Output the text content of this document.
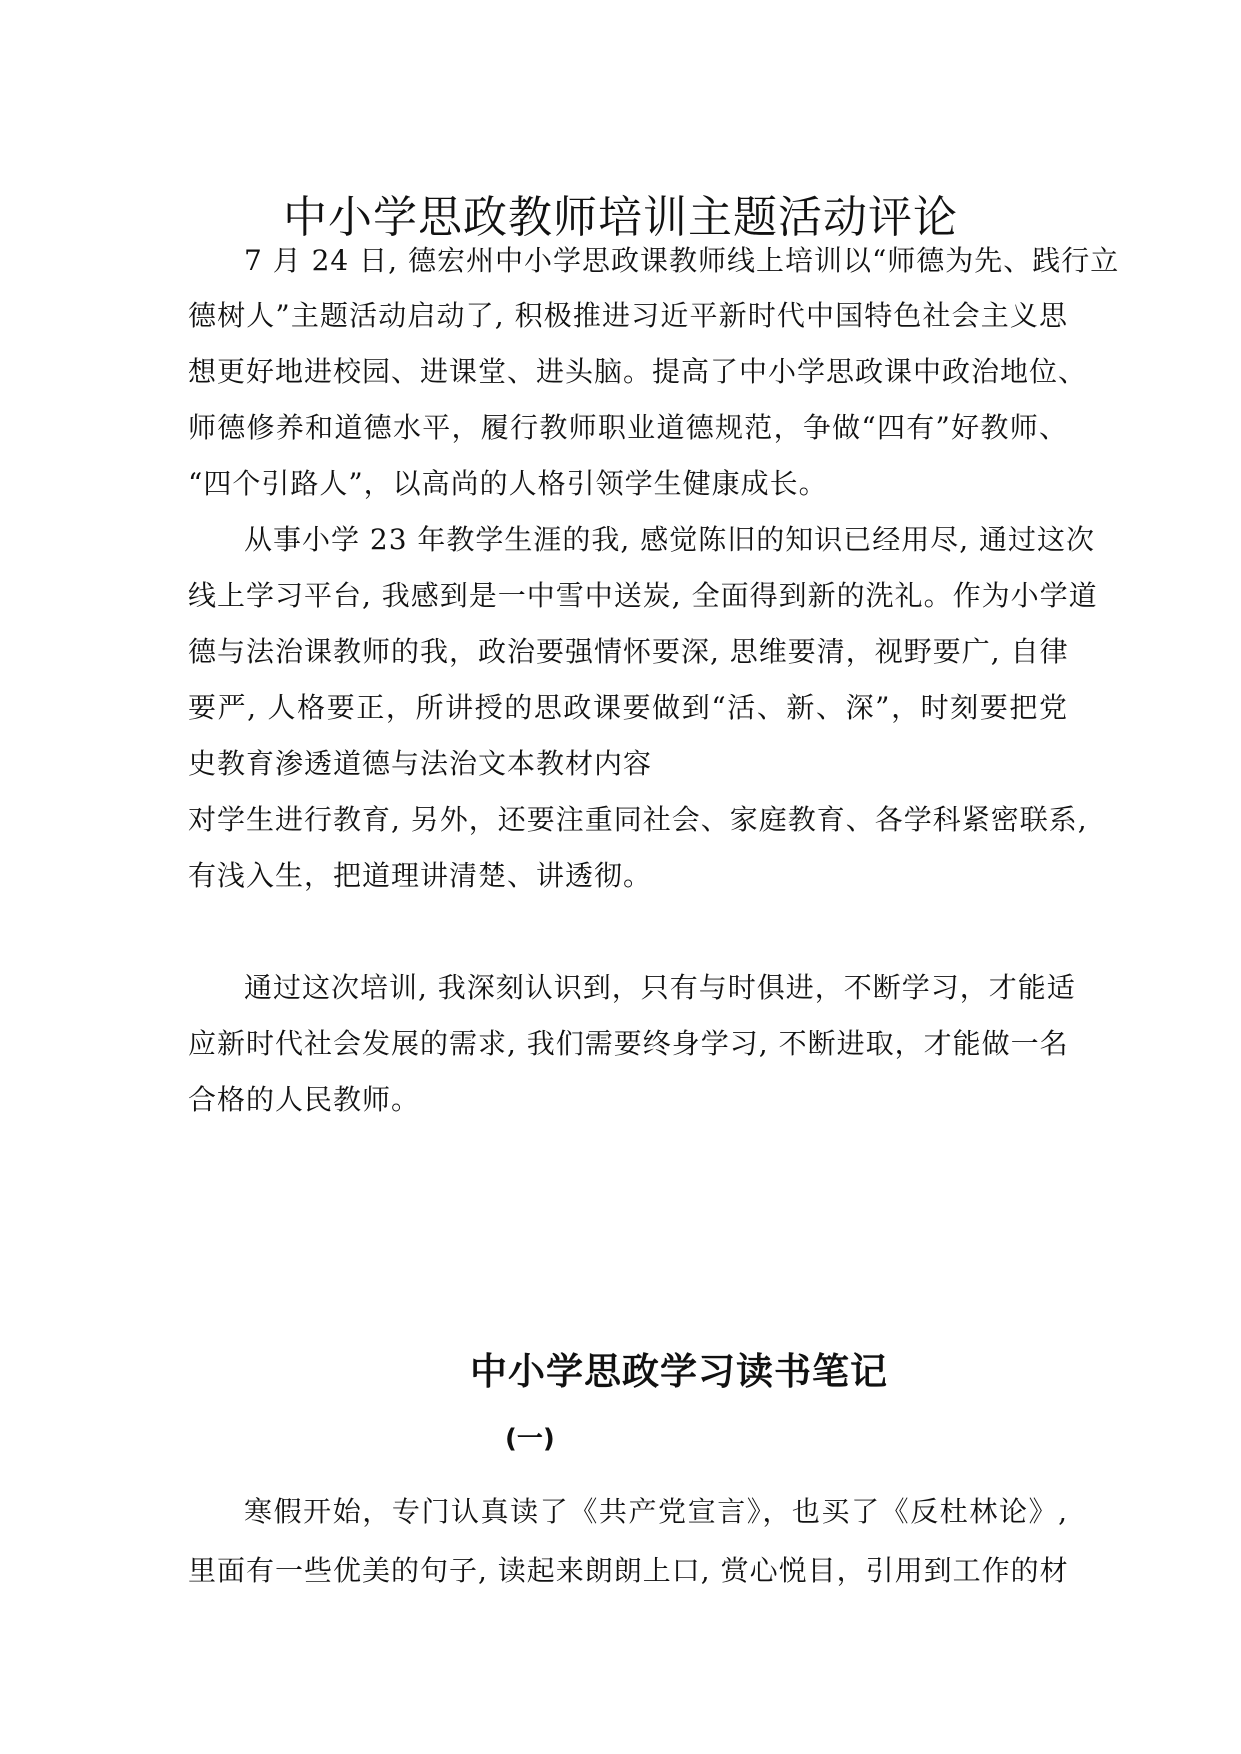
中小学思政教师培训主题活动评论
7 月 24 日, 德宏州中小学思政课教师线上培训以“师德为先、践行立
德树人”主题活动启动了, 积极推进习近平新时代中国特色社会主义思
想更好地进校园、进课堂、进头脑。提高了中小学思政课中政治地位、
师德修养和道德水平，履行教师职业道德规范，争做“四有”好教师、
“四个引路人”，以高尚的人格引领学生健康成长。
从事小学 23 年教学生涯的我, 感觉陈旧的知识已经用尽, 通过这次
线上学习平台, 我感到是一中雪中送炭, 全面得到新的洗礼。作为小学道
德与法治课教师的我，政治要强情怀要深, 思维要清，视野要广, 自律
要严, 人格要正，所讲授的思政课要做到“活、新、深”，时刻要把党
史教育渗透道德与法治文本教材内容
对学生进行教育, 另外，还要注重同社会、家庭教育、各学科紧密联系,
有浅入生，把道理讲清楚、讲透彻。
通过这次培训, 我深刻认识到，只有与时俱进，不断学习，才能适
应新时代社会发展的需求, 我们需要终身学习, 不断进取，才能做一名
合格的人民教师。
中小学思政学习读书笔记
(一)
寒假开始，专门认真读了《共产党宣言》，也买了《反杜林论》,
里面有一些优美的句子, 读起来朗朗上口, 赏心悦目，引用到工作的材
